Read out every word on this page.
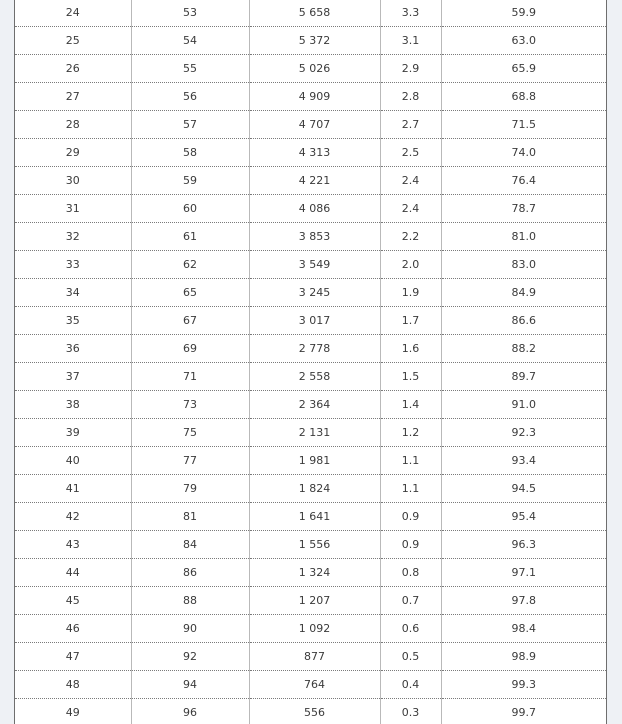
24	53	5 658	3.3	59.9
25	54	5 372	3.1	63.0
26	55	5 026	2.9	65.9
27	56	4 909	2.8	68.8
28	57	4 707	2.7	71.5
29	58	4 313	2.5	74.0
30	59	4 221	2.4	76.4
31	60	4 086	2.4	78.7
32	61	3 853	2.2	81.0
33	62	3 549	2.0	83.0
34	65	3 245	1.9	84.9
35	67	3 017	1.7	86.6
36	69	2 778	1.6	88.2
37	71	2 558	1.5	89.7
38	73	2 364	1.4	91.0
39	75	2 131	1.2	92.3
40	77	1 981	1.1	93.4
41	79	1 824	1.1	94.5
42	81	1 641	0.9	95.4
43	84	1 556	0.9	96.3
44	86	1 324	0.8	97.1
45	88	1 207	0.7	97.8
46	90	1 092	0.6	98.4
47	92	877	0.5	98.9
48	94	764	0.4	99.3
49	96	556	0.3	99.7
